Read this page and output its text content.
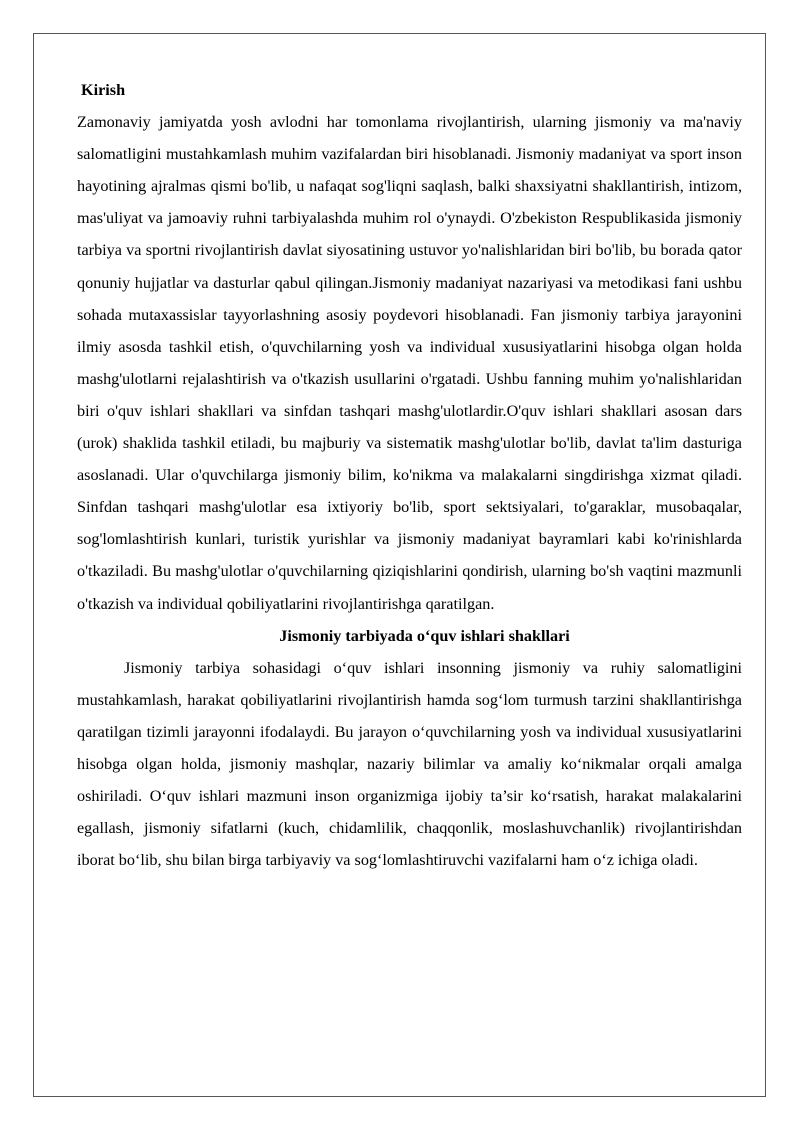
Kirish

Zamonaviy jamiyatda yosh avlodni har tomonlama rivojlantirish, ularning jismoniy va ma'naviy salomatligini mustahkamlash muhim vazifalardan biri hisoblanadi. Jismoniy madaniyat va sport inson hayotining ajralmas qismi bo'lib, u nafaqat sog'liqni saqlash, balki shaxsiyatni shakllantirish, intizom, mas'uliyat va jamoaviy ruhni tarbiyalashda muhim rol o'ynaydi. O'zbekiston Respublikasida jismoniy tarbiya va sportni rivojlantirish davlat siyosatining ustuvor yo'nalishlaridan biri bo'lib, bu borada qator qonuniy hujjatlar va dasturlar qabul qilingan.Jismoniy madaniyat nazariyasi va metodikasi fani ushbu sohada mutaxassislar tayyorlashning asosiy poydevori hisoblanadi. Fan jismoniy tarbiya jarayonini ilmiy asosda tashkil etish, o'quvchilarning yosh va individual xususiyatlarini hisobga olgan holda mashg'ulotlarni rejalashtirish va o'tkazish usullarini o'rgatadi. Ushbu fanning muhim yo'nalishlaridan biri o'quv ishlari shakllari va sinfdan tashqari mashg'ulotlardir.O'quv ishlari shakllari asosan dars (urok) shaklida tashkil etiladi, bu majburiy va sistematik mashg'ulotlar bo'lib, davlat ta'lim dasturiga asoslanadi. Ular o'quvchilarga jismoniy bilim, ko'nikma va malakalarni singdirishga xizmat qiladi. Sinfdan tashqari mashg'ulotlar esa ixtiyoriy bo'lib, sport sektsiyalari, to'garaklar, musobaqalar, sog'lomlashtirish kunlari, turistik yurishlar va jismoniy madaniyat bayramlari kabi ko'rinishlarda o'tkaziladi. Bu mashg'ulotlar o'quvchilarning qiziqishlarini qondirish, ularning bo'sh vaqtini mazmunli o'tkazish va individual qobiliyatlarini rivojlantirishga qaratilgan.

Jismoniy tarbiyada o‘quv ishlari shakllari

Jismoniy tarbiya sohasidagi o‘quv ishlari insonning jismoniy va ruhiy salomatligini mustahkamlash, harakat qobiliyatlarini rivojlantirish hamda sog‘lom turmush tarzini shakllantirishga qaratilgan tizimli jarayonni ifodalaydi. Bu jarayon o‘quvchilarning yosh va individual xususiyatlarini hisobga olgan holda, jismoniy mashqlar, nazariy bilimlar va amaliy ko‘nikmalar orqali amalga oshiriladi. O‘quv ishlari mazmuni inson organizmiga ijobiy ta’sir ko‘rsatish, harakat malakalarini egallash, jismoniy sifatlarni (kuch, chidamlilik, chaqqonlik, moslashuvchanlik) rivojlantirishdan iborat bo‘lib, shu bilan birga tarbiyaviy va sog‘lomlashtiruvchi vazifalarni ham o‘z ichiga oladi.
